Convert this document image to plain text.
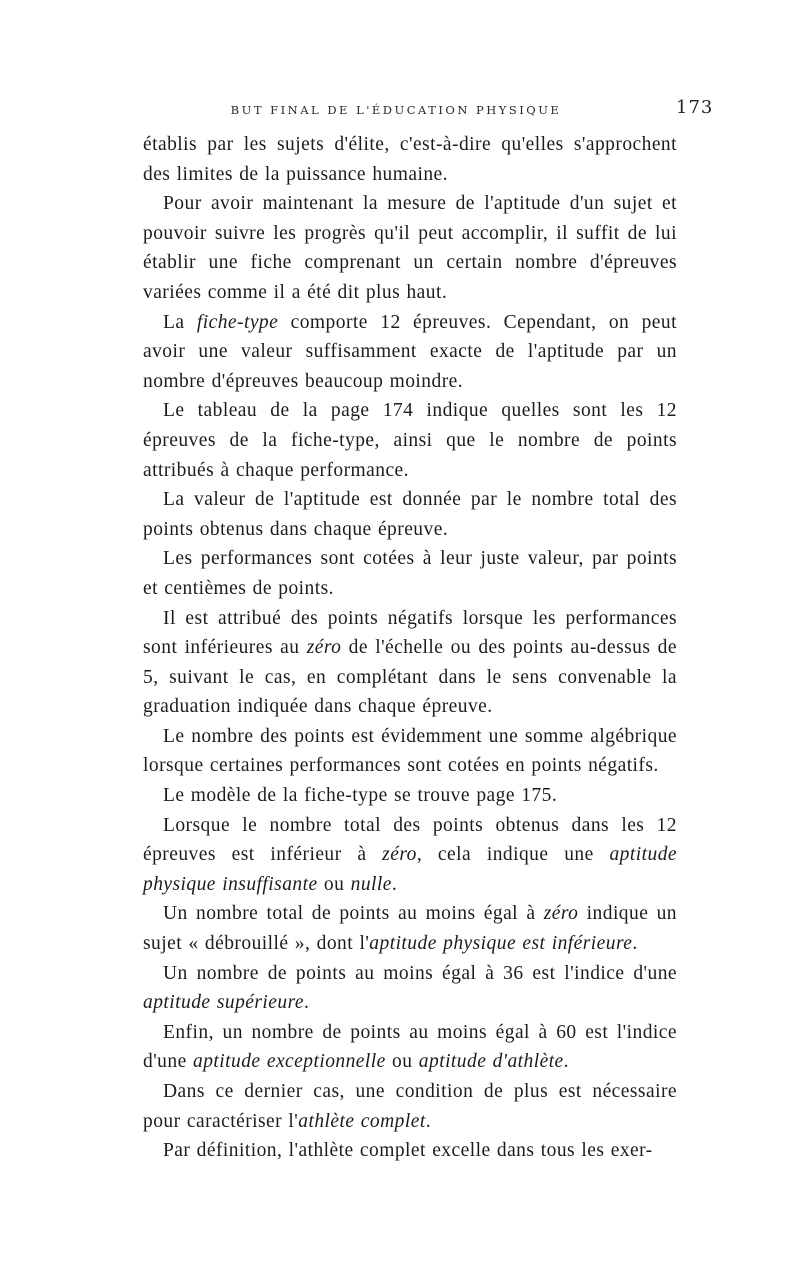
BUT FINAL DE L'ÉDUCATION PHYSIQUE	173

établis par les sujets d'élite, c'est-à-dire qu'elles s'approchent des limites de la puissance humaine.

Pour avoir maintenant la mesure de l'aptitude d'un sujet et pouvoir suivre les progrès qu'il peut accomplir, il suffit de lui établir une fiche comprenant un certain nombre d'épreuves variées comme il a été dit plus haut.

La fiche-type comporte 12 épreuves. Cependant, on peut avoir une valeur suffisamment exacte de l'aptitude par un nombre d'épreuves beaucoup moindre.

Le tableau de la page 174 indique quelles sont les 12 épreuves de la fiche-type, ainsi que le nombre de points attribués à chaque performance.

La valeur de l'aptitude est donnée par le nombre total des points obtenus dans chaque épreuve.

Les performances sont cotées à leur juste valeur, par points et centièmes de points.

Il est attribué des points négatifs lorsque les performances sont inférieures au zéro de l'échelle ou des points au-dessus de 5, suivant le cas, en complétant dans le sens convenable la graduation indiquée dans chaque épreuve.

Le nombre des points est évidemment une somme algébrique lorsque certaines performances sont cotées en points négatifs.

Le modèle de la fiche-type se trouve page 175.

Lorsque le nombre total des points obtenus dans les 12 épreuves est inférieur à zéro, cela indique une aptitude physique insuffisante ou nulle.

Un nombre total de points au moins égal à zéro indique un sujet « débrouillé », dont l'aptitude physique est inférieure.

Un nombre de points au moins égal à 36 est l'indice d'une aptitude supérieure.

Enfin, un nombre de points au moins égal à 60 est l'indice d'une aptitude exceptionnelle ou aptitude d'athlète.

Dans ce dernier cas, une condition de plus est nécessaire pour caractériser l'athlète complet.

Par définition, l'athlète complet excelle dans tous les exer-
